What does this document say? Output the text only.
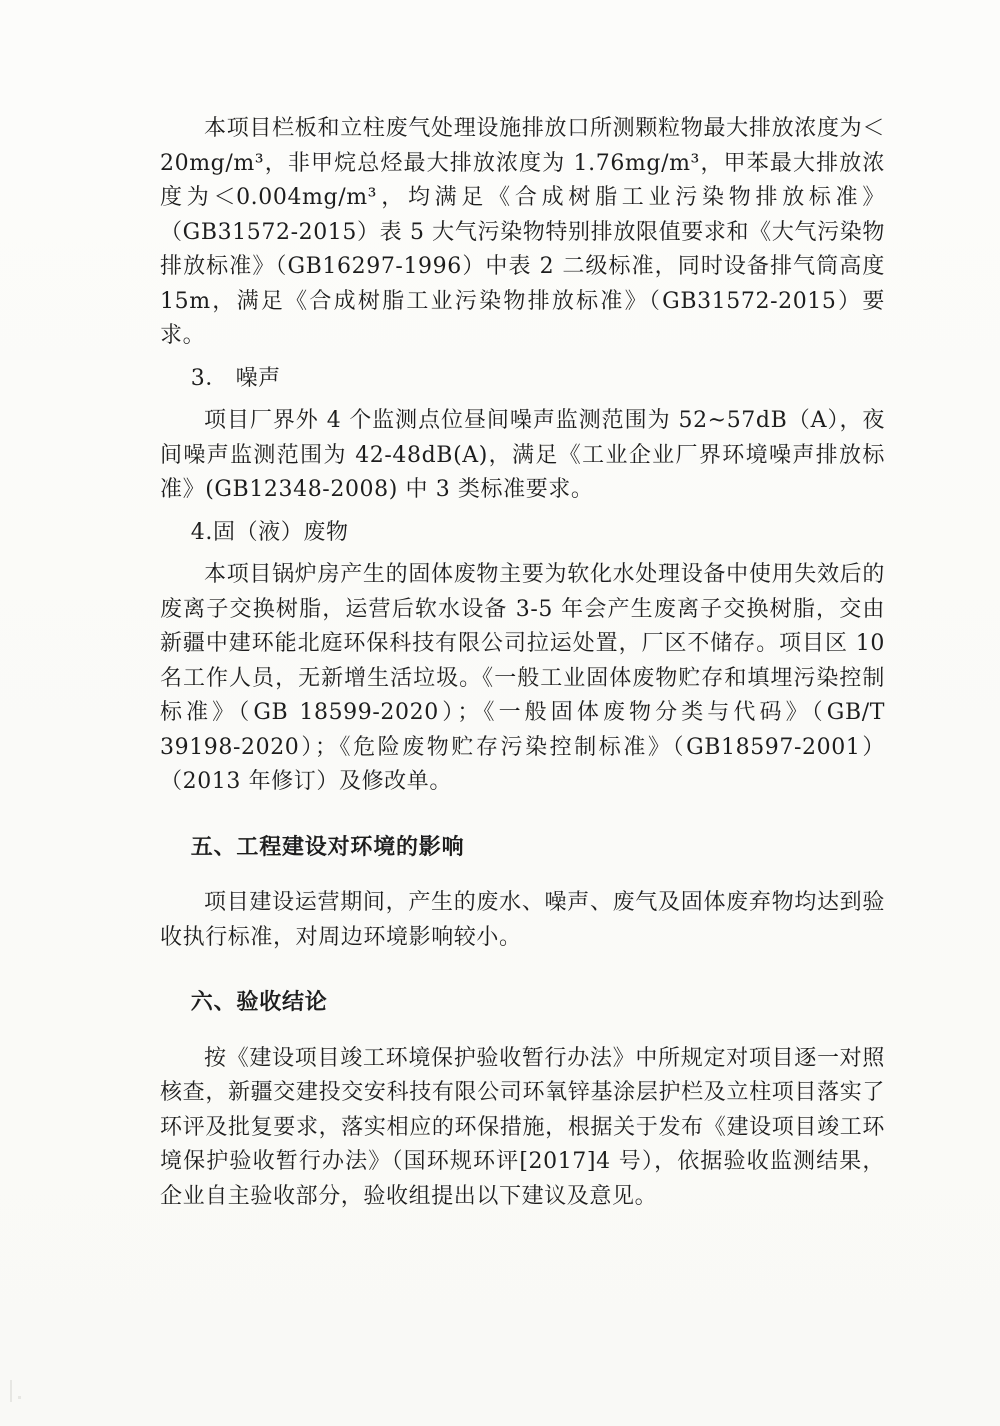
本项目栏板和立柱废气处理设施排放口所测颗粒物最大排放浓度为＜20mg/m³，非甲烷总烃最大排放浓度为 1.76mg/m³，甲苯最大排放浓度为＜0.004mg/m³，均满足《合成树脂工业污染物排放标准》（GB31572-2015）表 5 大气污染物特别排放限值要求和《大气污染物排放标准》（GB16297-1996）中表 2 二级标准，同时设备排气筒高度 15m，满足《合成树脂工业污染物排放标准》（GB31572-2015）要求。

3． 噪声

项目厂界外 4 个监测点位昼间噪声监测范围为 52~57dB（A），夜间噪声监测范围为 42-48dB(A)，满足《工业企业厂界环境噪声排放标准》(GB12348-2008) 中 3 类标准要求。

4.固（液）废物

本项目锅炉房产生的固体废物主要为软化水处理设备中使用失效后的废离子交换树脂，运营后软水设备 3-5 年会产生废离子交换树脂，交由新疆中建环能北庭环保科技有限公司拉运处置，厂区不储存。项目区 10 名工作人员，无新增生活垃圾。《一般工业固体废物贮存和填埋污染控制标准》（GB 18599-2020）；《一般固体废物分类与代码》（GB/T 39198-2020）；《危险废物贮存污染控制标准》（GB18597-2001）（2013 年修订）及修改单。

五、工程建设对环境的影响

项目建设运营期间，产生的废水、噪声、废气及固体废弃物均达到验收执行标准，对周边环境影响较小。

六、验收结论

按《建设项目竣工环境保护验收暂行办法》中所规定对项目逐一对照核查，新疆交建投交安科技有限公司环氧锌基涂层护栏及立柱项目落实了环评及批复要求，落实相应的环保措施，根据关于发布《建设项目竣工环境保护验收暂行办法》（国环规环评[2017]4 号），依据验收监测结果，企业自主验收部分，验收组提出以下建议及意见。
